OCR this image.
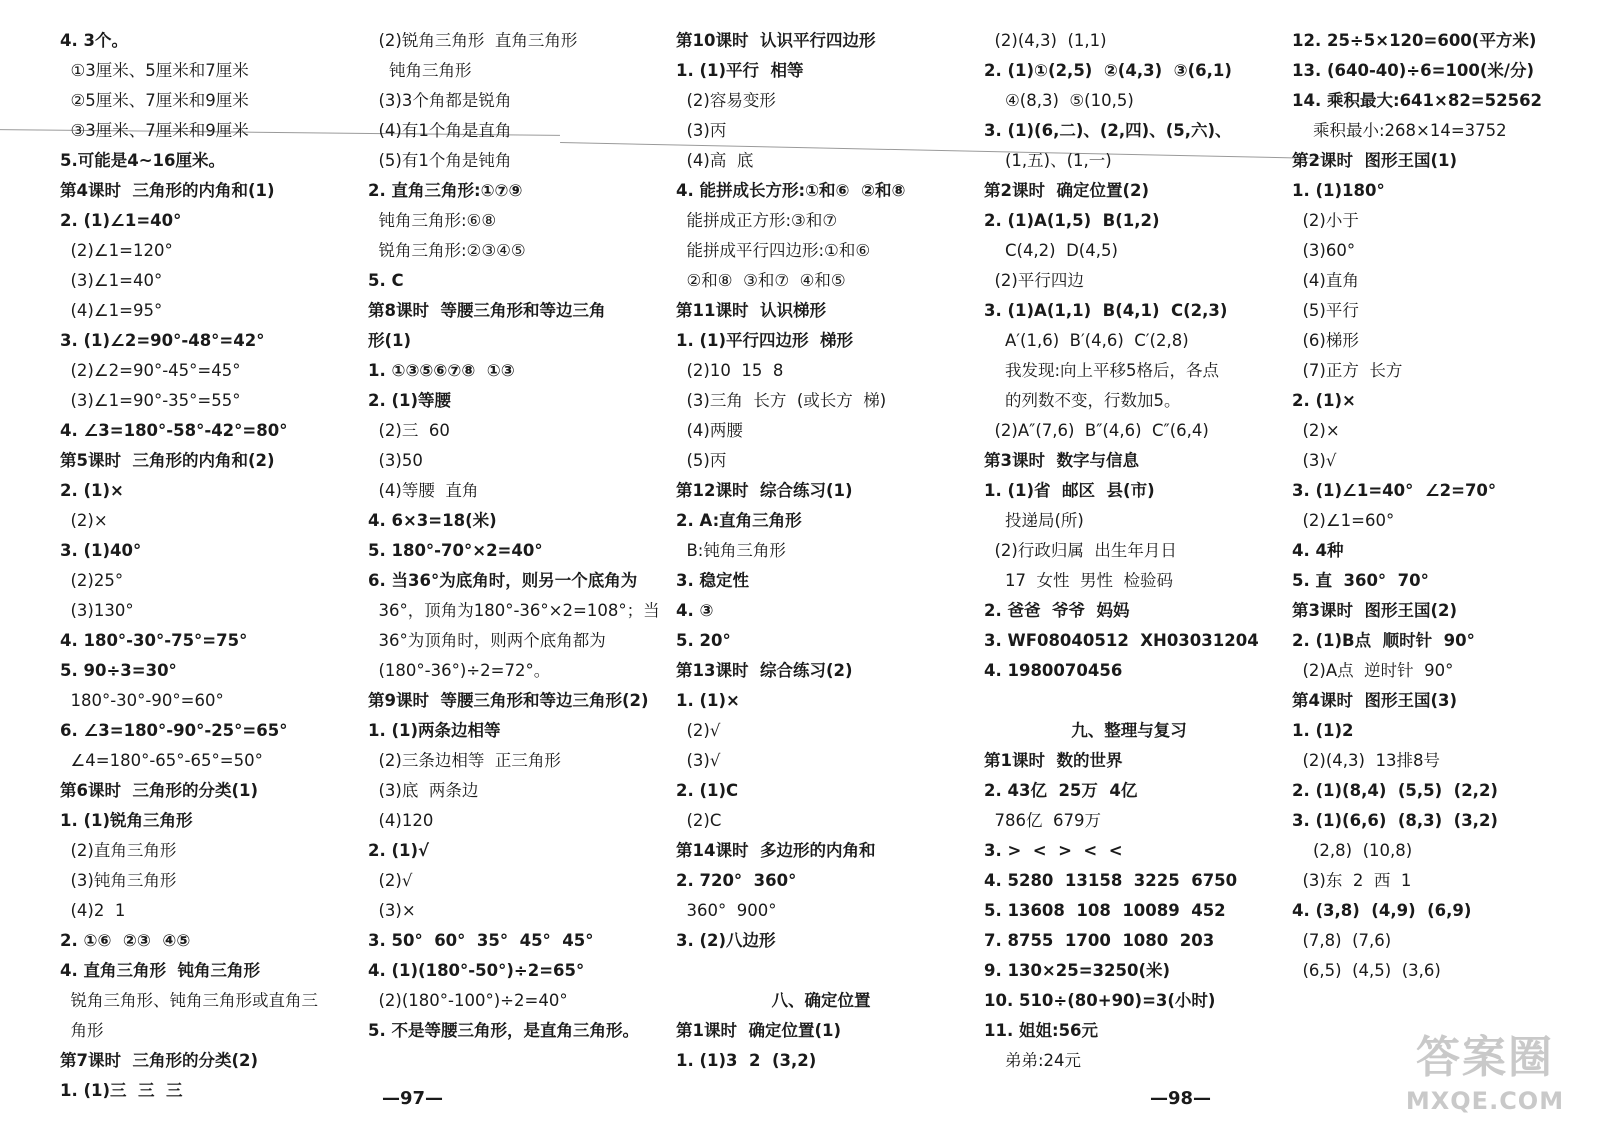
4. 3个。
①3厘米、5厘米和7厘米
②5厘米、7厘米和9厘米
③3厘米、7厘米和9厘米
5.可能是4~16厘米。
第4课时  三角形的内角和(1)
2. (1)∠1=40°
(2)∠1=120°
(3)∠1=40°
(4)∠1=95°
3. (1)∠2=90°-48°=42°
(2)∠2=90°-45°=45°
(3)∠1=90°-35°=55°
4. ∠3=180°-58°-42°=80°
第5课时  三角形的内角和(2)
2. (1)×
(2)×
3. (1)40°
(2)25°
(3)130°
4. 180°-30°-75°=75°
5. 90÷3=30°
180°-30°-90°=60°
6. ∠3=180°-90°-25°=65°
∠4=180°-65°-65°=50°
第6课时  三角形的分类(1)
1. (1)锐角三角形
(2)直角三角形
(3)钝角三角形
(4)2  1
2. ①⑥  ②③  ④⑤
4. 直角三角形  钝角三角形
锐角三角形、钝角三角形或直角三
角形
第7课时  三角形的分类(2)
1. (1)三  三  三
(2)锐角三角形  直角三角形
钝角三角形
(3)3个角都是锐角
(4)有1个角是直角
(5)有1个角是钝角
2. 直角三角形:①⑦⑨
钝角三角形:⑥⑧
锐角三角形:②③④⑤
5. C
第8课时  等腰三角形和等边三角
形(1)
1. ①③⑤⑥⑦⑧  ①③
2. (1)等腰
(2)三  60
(3)50
(4)等腰  直角
4. 6×3=18(米)
5. 180°-70°×2=40°
6. 当36°为底角时，则另一个底角为
36°，顶角为180°-36°×2=108°；当
36°为顶角时，则两个底角都为
(180°-36°)÷2=72°。
第9课时  等腰三角形和等边三角形(2)
1. (1)两条边相等
(2)三条边相等  正三角形
(3)底  两条边
(4)120
2. (1)√
(2)√
(3)×
3. 50°  60°  35°  45°  45°
4. (1)(180°-50°)÷2=65°
(2)(180°-100°)÷2=40°
5. 不是等腰三角形，是直角三角形。
第10课时  认识平行四边形
1. (1)平行  相等
(2)容易变形
(3)丙
(4)高  底
4. 能拼成长方形:①和⑥  ②和⑧
能拼成正方形:③和⑦
能拼成平行四边形:①和⑥
②和⑧  ③和⑦  ④和⑤
第11课时  认识梯形
1. (1)平行四边形  梯形
(2)10  15  8
(3)三角  长方  (或长方  梯)
(4)两腰
(5)丙
第12课时  综合练习(1)
2. A:直角三角形
B:钝角三角形
3. 稳定性
4. ③
5. 20°
第13课时  综合练习(2)
1. (1)×
(2)√
(3)√
2. (1)C
(2)C
第14课时  多边形的内角和
2. 720°  360°
360°  900°
3. (2)八边形
八、确定位置
第1课时  确定位置(1)
1. (1)3  2  (3,2)
(2)(4,3)  (1,1)
2. (1)①(2,5)  ②(4,3)  ③(6,1)
④(8,3)  ⑤(10,5)
3. (1)(6,二)、(2,四)、(5,六)、
(1,五)、(1,一)
第2课时  确定位置(2)
2. (1)A(1,5)  B(1,2)
C(4,2)  D(4,5)
(2)平行四边
3. (1)A(1,1)  B(4,1)  C(2,3)
A′(1,6)  B′(4,6)  C′(2,8)
我发现:向上平移5格后，各点
的列数不变，行数加5。
(2)A″(7,6)  B″(4,6)  C″(6,4)
第3课时  数字与信息
1. (1)省  邮区  县(市)
投递局(所)
(2)行政归属  出生年月日
17  女性  男性  检验码
2. 爸爸  爷爷  妈妈
3. WF08040512  XH03031204
4. 1980070456
九、整理与复习
第1课时  数的世界
2. 43亿  25万  4亿
786亿  679万
3. >  <  >  <  <
4. 5280  13158  3225  6750
5. 13608  108  10089  452
7. 8755  1700  1080  203
9. 130×25=3250(米)
10. 510÷(80+90)=3(小时)
11. 姐姐:56元
弟弟:24元
12. 25÷5×120=600(平方米)
13. (640-40)÷6=100(米/分)
14. 乘积最大:641×82=52562
乘积最小:268×14=3752
第2课时  图形王国(1)
1. (1)180°
(2)小于
(3)60°
(4)直角
(5)平行
(6)梯形
(7)正方  长方
2. (1)×
(2)×
(3)√
3. (1)∠1=40°  ∠2=70°
(2)∠1=60°
4. 4种
5. 直  360°  70°
第3课时  图形王国(2)
2. (1)B点  顺时针  90°
(2)A点  逆时针  90°
第4课时  图形王国(3)
1. (1)2
(2)(4,3)  13排8号
2. (1)(8,4)  (5,5)  (2,2)
3. (1)(6,6)  (8,3)  (3,2)
(2,8)  (10,8)
(3)东  2  西  1
4. (3,8)  (4,9)  (6,9)
(7,8)  (7,6)
(6,5)  (4,5)  (3,6)
—97—	—98—
答案圈
MXQE.COM
